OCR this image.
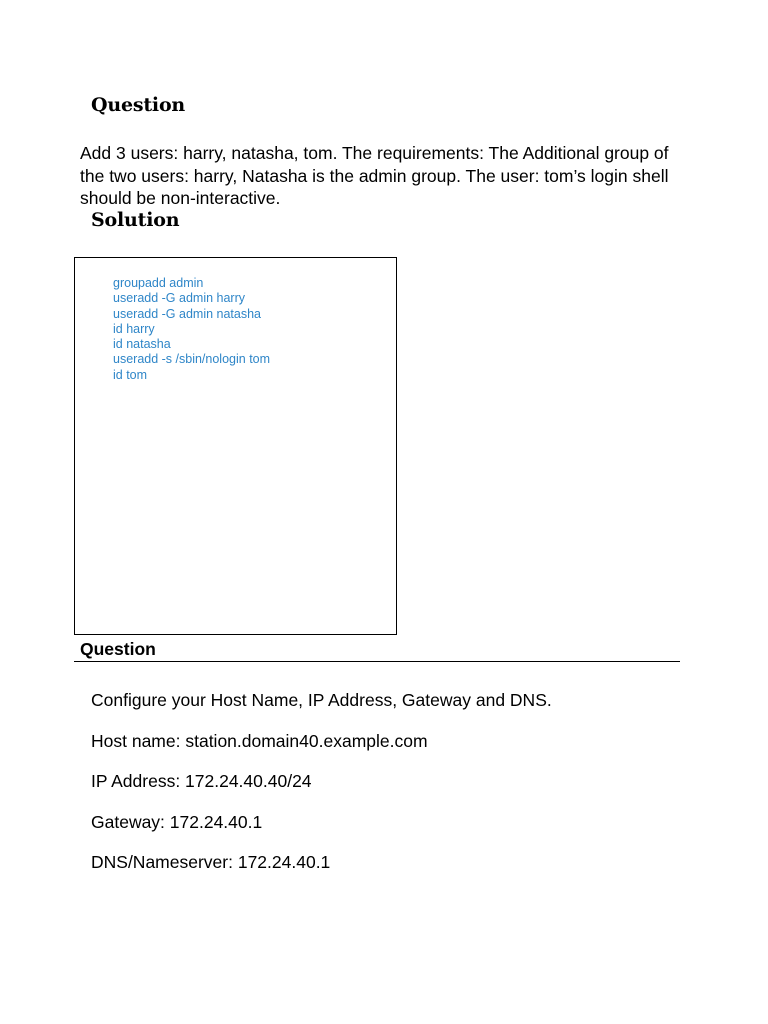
Question

Add 3 users: harry, natasha, tom. The requirements: The Additional group of the two users: harry, Natasha is the admin group. The user: tom’s login shell should be non-interactive.

Solution
groupadd admin
useradd -G admin harry
useradd -G admin natasha
id harry
id natasha
useradd -s /sbin/nologin tom
id tom
Question
Configure your Host Name, IP Address, Gateway and DNS.
Host name: station.domain40.example.com
IP Address: 172.24.40.40/24
Gateway: 172.24.40.1
DNS/Nameserver: 172.24.40.1
